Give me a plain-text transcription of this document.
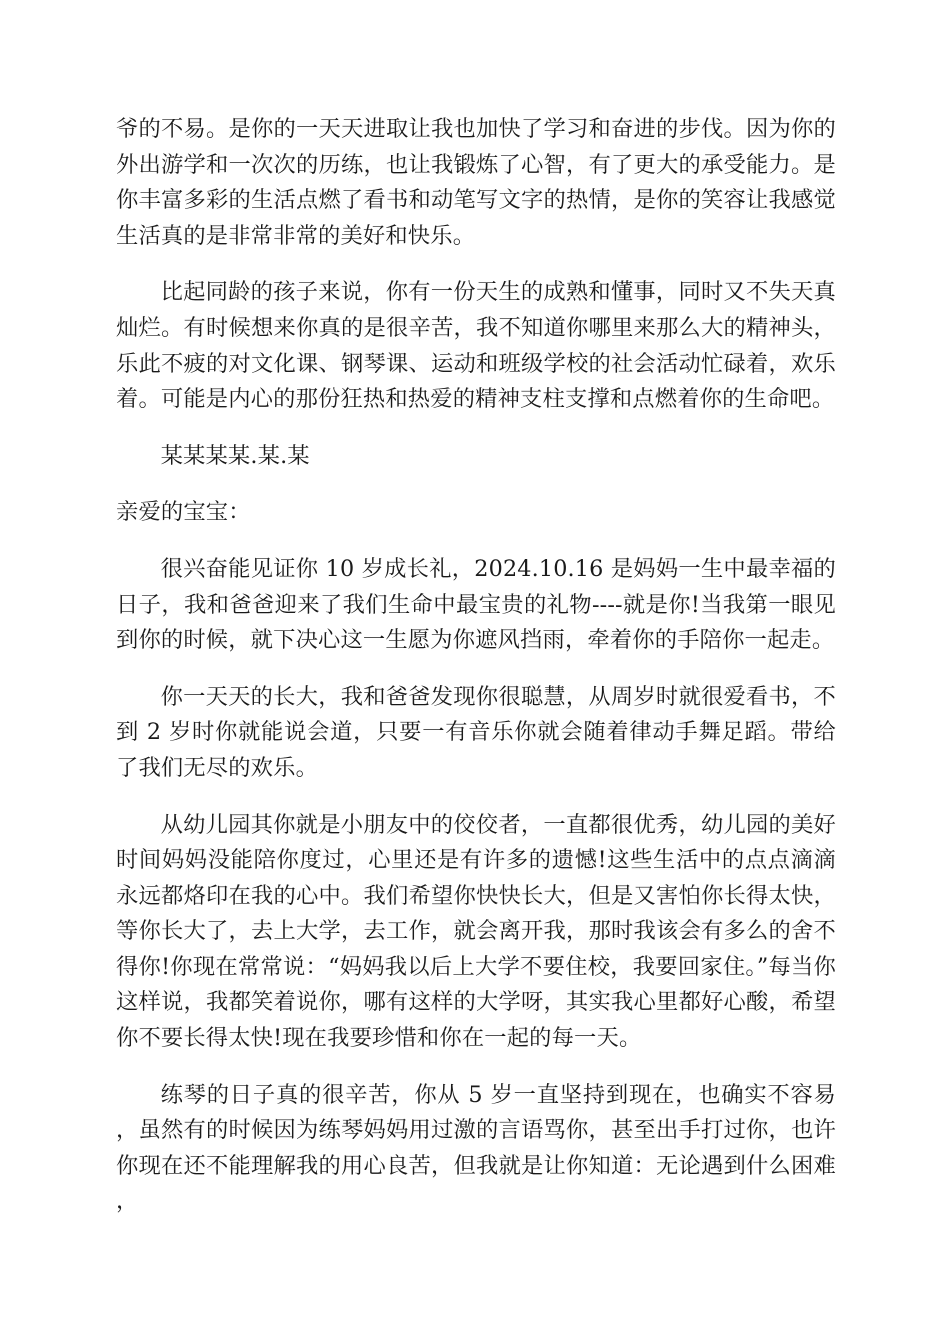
爷的不易。是你的一天天进取让我也加快了学习和奋进的步伐。因为你的外出游学和一次次的历练，也让我锻炼了心智，有了更大的承受能力。是你丰富多彩的生活点燃了看书和动笔写文字的热情，是你的笑容让我感觉生活真的是非常非常的美好和快乐。

比起同龄的孩子来说，你有一份天生的成熟和懂事，同时又不失天真灿烂。有时候想来你真的是很辛苦，我不知道你哪里来那么大的精神头，乐此不疲的对文化课、钢琴课、运动和班级学校的社会活动忙碌着，欢乐着。可能是内心的那份狂热和热爱的精神支柱支撑和点燃着你的生命吧。

某某某某.某.某

亲爱的宝宝：

很兴奋能见证你 10 岁成长礼，2024.10.16 是妈妈一生中最幸福的日子，我和爸爸迎来了我们生命中最宝贵的礼物----就是你!当我第一眼见到你的时候，就下决心这一生愿为你遮风挡雨，牵着你的手陪你一起走。

你一天天的长大，我和爸爸发现你很聪慧，从周岁时就很爱看书，不到 2 岁时你就能说会道，只要一有音乐你就会随着律动手舞足蹈。带给了我们无尽的欢乐。

从幼儿园其你就是小朋友中的佼佼者，一直都很优秀，幼儿园的美好时间妈妈没能陪你度过，心里还是有许多的遗憾!这些生活中的点点滴滴永远都烙印在我的心中。我们希望你快快长大，但是又害怕你长得太快，等你长大了，去上大学，去工作，就会离开我，那时我该会有多么的舍不得你!你现在常常说：“妈妈我以后上大学不要住校，我要回家住。”每当你这样说，我都笑着说你，哪有这样的大学呀，其实我心里都好心酸，希望你不要长得太快!现在我要珍惜和你在一起的每一天。

练琴的日子真的很辛苦，你从 5 岁一直坚持到现在，也确实不容易，虽然有的时候因为练琴妈妈用过激的言语骂你，甚至出手打过你，也许你现在还不能理解我的用心良苦，但我就是让你知道：无论遇到什么困难，
